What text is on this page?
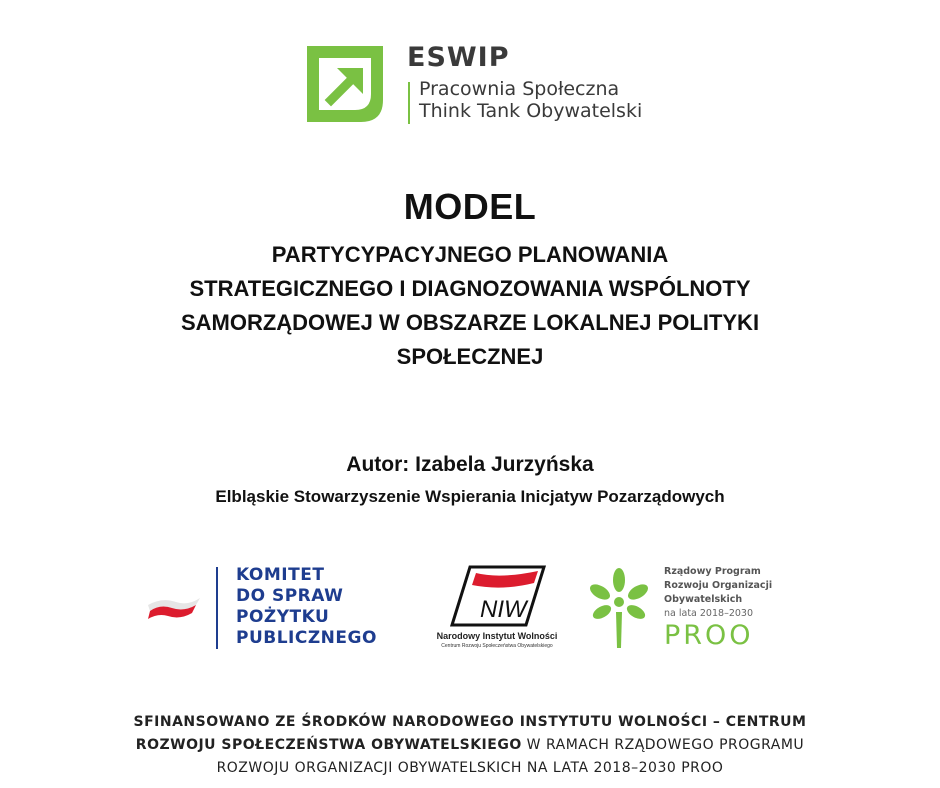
ESWIP
Pracownia Społeczna
Think Tank Obywatelski
MODEL
PARTYCYPACYJNEGO PLANOWANIA
STRATEGICZNEGO I DIAGNOZOWANIA WSPÓLNOTY
SAMORZĄDOWEJ W OBSZARZE LOKALNEJ POLITYKI
SPOŁECZNEJ
Autor: Izabela Jurzyńska
Elbląskie Stowarzyszenie Wspierania Inicjatyw Pozarządowych
KOMITET
DO SPRAW
POŻYTKU
PUBLICZNEGO
NIW
Narodowy Instytut Wolności
Centrum Rozwoju Społeczeństwa Obywatelskiego
Rządowy Program
Rozwoju Organizacji
Obywatelskich
na lata 2018–2030
PROO
SFINANSOWANO ZE ŚRODKÓW NARODOWEGO INSTYTUTU WOLNOŚCI – CENTRUM
ROZWOJU SPOŁECZEŃSTWA OBYWATELSKIEGO W RAMACH RZĄDOWEGO PROGRAMU
ROZWOJU ORGANIZACJI OBYWATELSKICH NA LATA 2018–2030 PROO
